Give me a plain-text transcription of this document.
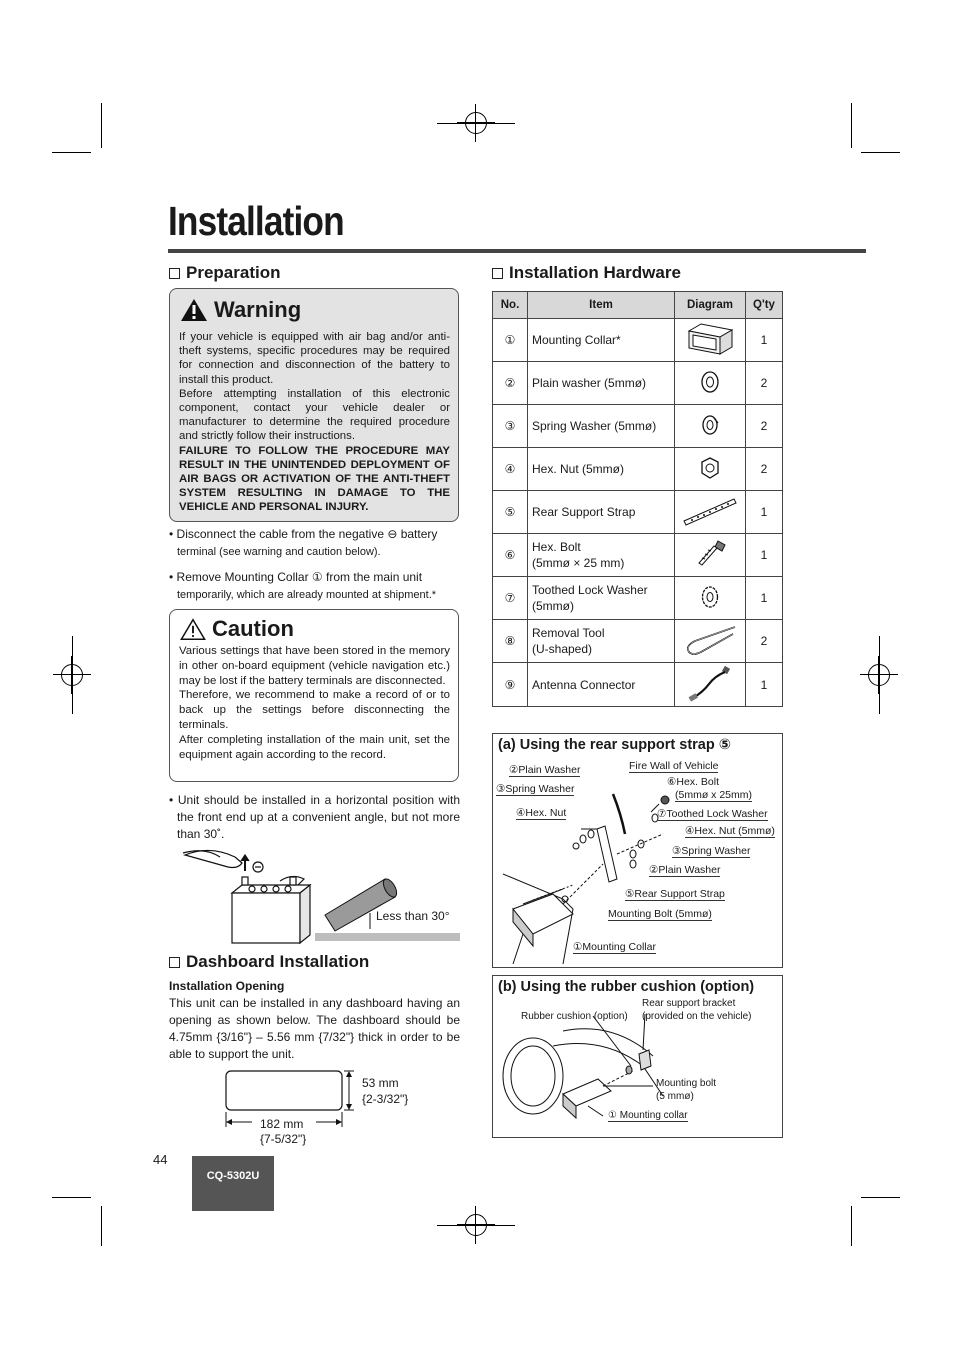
Installation
Preparation
Warning

If your vehicle is equipped with air bag and/or anti-theft systems, specific procedures may be required for connection and disconnection of the battery to install this product.

Before attempting installation of this electronic component, contact your vehicle dealer or manufacturer to determine the required procedure and strictly follow their instructions.

FAILURE TO FOLLOW THE PROCEDURE MAY RESULT IN THE UNINTENDED DEPLOYMENT OF AIR BAGS OR ACTIVATION OF THE ANTI-THEFT SYSTEM RESULTING IN DAMAGE TO THE VEHICLE AND PERSONAL INJURY.

• Disconnect the cable from the negative ⊖ battery
terminal (see warning and caution below).
• Remove Mounting Collar ① from the main unit
temporarily, which are already mounted at shipment.*
Caution

Various settings that have been stored in the memory in other on-board equipment (vehicle navigation etc.) may be lost if the battery terminals are disconnected.

Therefore, we recommend to make a record of or to back up the settings before disconnecting the terminals.

After completing installation of the main unit, set the equipment again according to the record.

• Unit should be installed in a horizontal position with the front end up at a convenient angle, but not more than 30˚.
Less than 30°
Dashboard Installation
Installation Opening
This unit can be installed in any dashboard having an opening as shown below. The dashboard should be 4.75mm {3/16"} – 5.56 mm {7/32"} thick in order to be able to support the unit.
53 mm
{2-3/32"}
182 mm
{7-5/32"}
Installation Hardware
No.	Item	Diagram	Q'ty
①	Mounting Collar*		1
②	Plain washer (5mmø)		2
③	Spring Washer (5mmø)		2
④	Hex. Nut (5mmø)		2
⑤	Rear Support Strap		1
⑥	Hex. Bolt
(5mmø × 25 mm)		1
⑦	Toothed Lock Washer
(5mmø)		1
⑧	Removal Tool
(U-shaped)		2
⑨	Antenna Connector		1
(a) Using the rear support strap ⑤
②Plain Washer
③Spring Washer
④Hex. Nut
Fire Wall of Vehicle
⑥Hex. Bolt
(5mmø x 25mm)
⑦Toothed Lock Washer
④Hex. Nut (5mmø)
③Spring Washer
②Plain Washer
⑤Rear Support Strap
Mounting Bolt (5mmø)
①Mounting Collar
(b) Using the rubber cushion (option)
Rubber cushion (option)
Rear support bracket
(provided on the vehicle)
Mounting bolt
(5 mmø)
① Mounting collar
44
CQ-5302U
